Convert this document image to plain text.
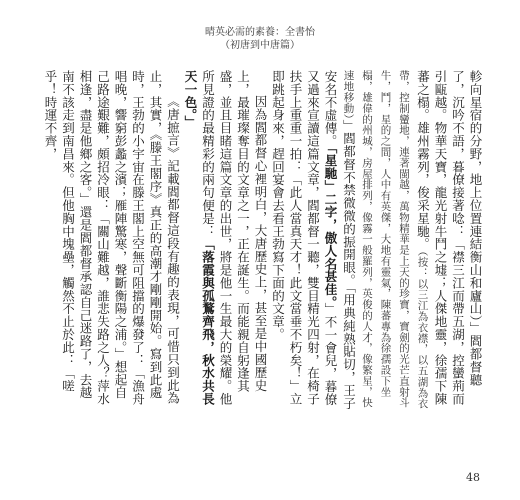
晴英必需的素養：全書怡
（初唐到中唐篇）

軫向星宿的分野，地上位置連結衡山和廬山）」閻都督聽了，沉吟不語，暮僚接著唸：「襟三江而帶五湖，控蠻荊而引甌越。物華天寶，龍光射牛鬥之墟；人傑地靈，徐孺下陳蕃之榻。雄州霧列，俊采星馳。（按：以三江為衣襟，以五湖為衣帶，控制蠻地，連著閩越，萬物精華是上天的珍寶，寶劍的光芒直射斗牛，鬥，星的之間，人中有英傑，大地有靈氣，陳蕃專為徐孺設下坐榻，雄偉的州城，房屋排列，像霧一般羅列，英俊的人才，像繁星，快速地移動）」閻都督不禁微微的振開眼。「用典純熟貼切，王子安名不虛傳。「星馳」二字，傲人名甚佳。」不一會兒，暮僚又過來宣讀這篇文章，閻都督一聽，雙目精光四射，在椅子扶手上重重一拍：「此人當真天才！此文當垂不朽矣！」立即跳起身來，趕回宴會去看王勃寫下面的文章。

因為閻都督心裡明白，大唐歷史上，甚至是中國歷史上，最璀璨奪目的文章之一，正在誕生。而能親自躬逢其盛，並且目睹這篇文章的出世，將是他一生最大的榮耀。他所見證的最精彩的兩句便是：「落霞與孤鶩齊飛，秋水共長天一色。」

《唐摭言》記載閻都督這段有趣的表現，可惜只到此為止，其實，《滕王閣序》真正的高潮才剛剛開始。寫到此處時，王勃的小宇宙在滕王閣上空無可阻擋的爆發了：「漁舟唱晚，響窮彭蠡之濱；雁陣驚寒，聲斷衡陽之浦。」想起自己路途艱難，頗招冷眼：「關山難越，誰悲失路之人？萍水相逢，盡是他鄉之客。」還是閻都督承認自己迷路了，去越南不該走到南昌來。但他胸中塊壘，觸然不止於此：「嗟乎！時運不齊，

48
